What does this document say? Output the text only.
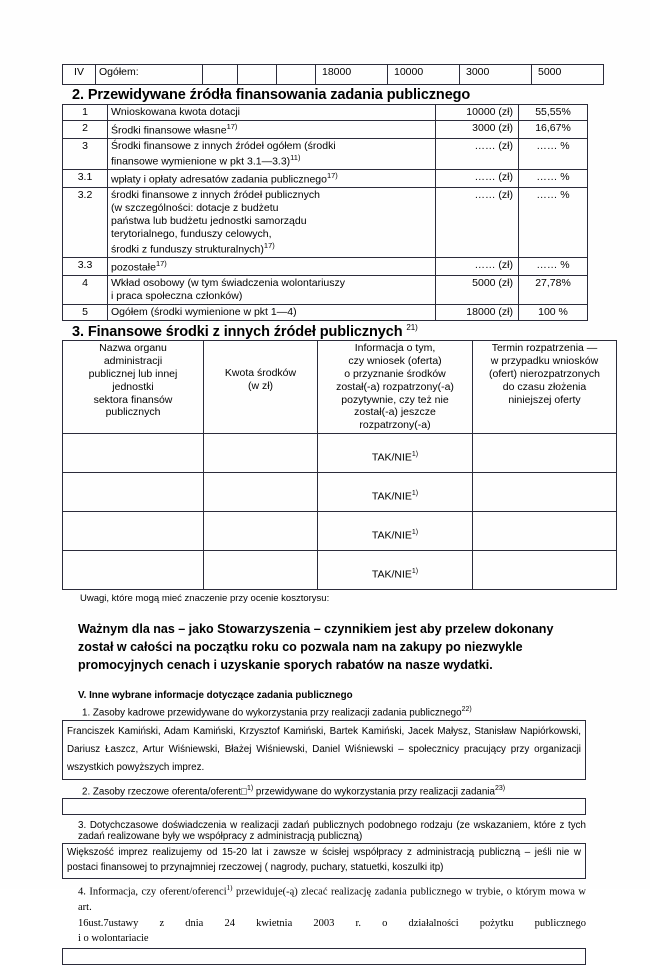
IV	Ogółem:				18000	10000	3000	5000
2. Przewidywane źródła finansowania zadania publicznego
1	Wnioskowana kwota dotacji	10000 (zł)	55,55%
2	Środki finansowe własne$^{17)}$	3000 (zł)	16,67%
3	Środki finansowe z innych źródeł ogółem (środki
finansowe wymienione w pkt 3.1—3.3)$^{11)}$	…… (zł)	…… %
3.1	wpłaty i opłaty adresatów zadania publicznego$^{17)}$	…… (zł)	…… %
3.2	środki finansowe z innych źródeł publicznych
(w szczególności: dotacje z budżetu
państwa lub budżetu jednostki samorządu
terytorialnego, funduszy celowych,
środki z funduszy strukturalnych)$^{17)}$	…… (zł)	…… %
3.3	pozostałe$^{17)}$	…… (zł)	…… %
4	Wkład osobowy (w tym świadczenia wolontariuszy
i praca społeczna członków)	5000 (zł)	27,78%
5	Ogółem (środki wymienione w pkt 1—4)	18000 (zł)	100 %
3. Finansowe środki z innych źródeł publicznych $^{21)}$
Nazwa organu
administracji
publicznej lub innej
jednostki
sektora finansów
publicznych	Kwota środków
(w zł)	Informacja o tym,
czy wniosek (oferta)
o przyznanie środków
został(-a) rozpatrzony(-a)
pozytywnie, czy też nie
został(-a) jeszcze
rozpatrzony(-a)	Termin rozpatrzenia —
w przypadku wniosków
(ofert) nierozpatrzonych
do czasu złożenia
niniejszej oferty
		TAK/NIE$^{1)}$	
		TAK/NIE$^{1)}$	
		TAK/NIE$^{1)}$	
		TAK/NIE$^{1)}$	
Uwagi, które mogą mieć znaczenie przy ocenie kosztorysu:
Ważnym dla nas – jako Stowarzyszenia – czynnikiem jest aby przelew dokonany został w całości na początku roku co pozwala nam na zakupy po niezwykle promocyjnych cenach i uzyskanie sporych rabatów na nasze wydatki.
V. Inne wybrane informacje dotyczące zadania publicznego
1. Zasoby kadrowe przewidywane do wykorzystania przy realizacji zadania publicznego$^{22)}$
Franciszek Kamiński, Adam Kamiński, Krzysztof Kamiński, Bartek Kamiński, Jacek Małysz, Stanisław Napiórkowski, Dariusz Łaszcz, Artur Wiśniewski, Błażej Wiśniewski, Daniel Wiśniewski – społecznicy pracujący przy organizacji wszystkich powyższych imprez.
2. Zasoby rzeczowe oferenta/oferent□$^{1)}$ przewidywane do wykorzystania przy realizacji zadania$^{23)}$
3. Dotychczasowe doświadczenia w realizacji zadań publicznych podobnego rodzaju (ze wskazaniem, które z tych zadań realizowane były we współpracy z administracją publiczną)
Większość imprez realizujemy od 15-20 lat i zawsze w ścisłej współpracy z administracją publiczną – jeśli nie w postaci finansowej to przynajmniej rzeczowej ( nagrody, puchary, statuetki, koszulki itp)
4. Informacja, czy oferent/oferenci$^{1)}$ przewiduje(-ą) zlecać realizację zadania publicznego w trybie, o którym mowa w art.
16ust.7ustawy z dnia 24 kwietnia 2003 r. o działalności pożytku publicznego
i o wolontariacie
